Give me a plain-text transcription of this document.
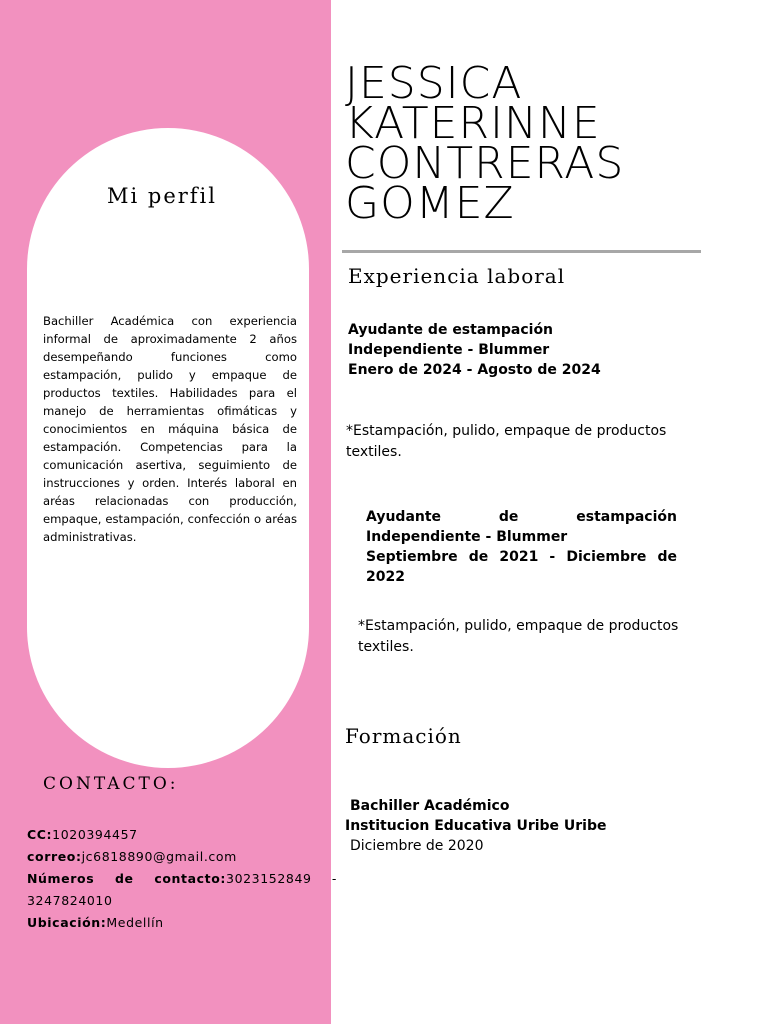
Mi perfil
Bachiller Académica con experiencia informal de aproximadamente 2 años desempeñando funciones como estampación, pulido y empaque de productos textiles. Habilidades para el manejo de herramientas ofimáticas y conocimientos en máquina básica de estampación. Competencias para la comunicación asertiva, seguimiento de instrucciones y orden. Interés laboral en aréas relacionadas con producción, empaque, estampación, confección o aréas administrativas.
CONTACTO:
CC:1020394457
correo:jc6818890@gmail.com
Números de contacto:3023152849 -
3247824010
Ubicación:Medellín
JESSICA
KATERINNE
CONTRERAS
GOMEZ
Experiencia laboral
Ayudante de estampación
Independiente - Blummer
Enero de 2024 - Agosto de 2024
*Estampación, pulido, empaque de productos textiles.
Ayudante de estampación
Independiente - Blummer
Septiembre de 2021 - Diciembre de
2022
*Estampación, pulido, empaque de productos textiles.
Formación
Bachiller Académico
Institucion Educativa Uribe Uribe
Diciembre de 2020
